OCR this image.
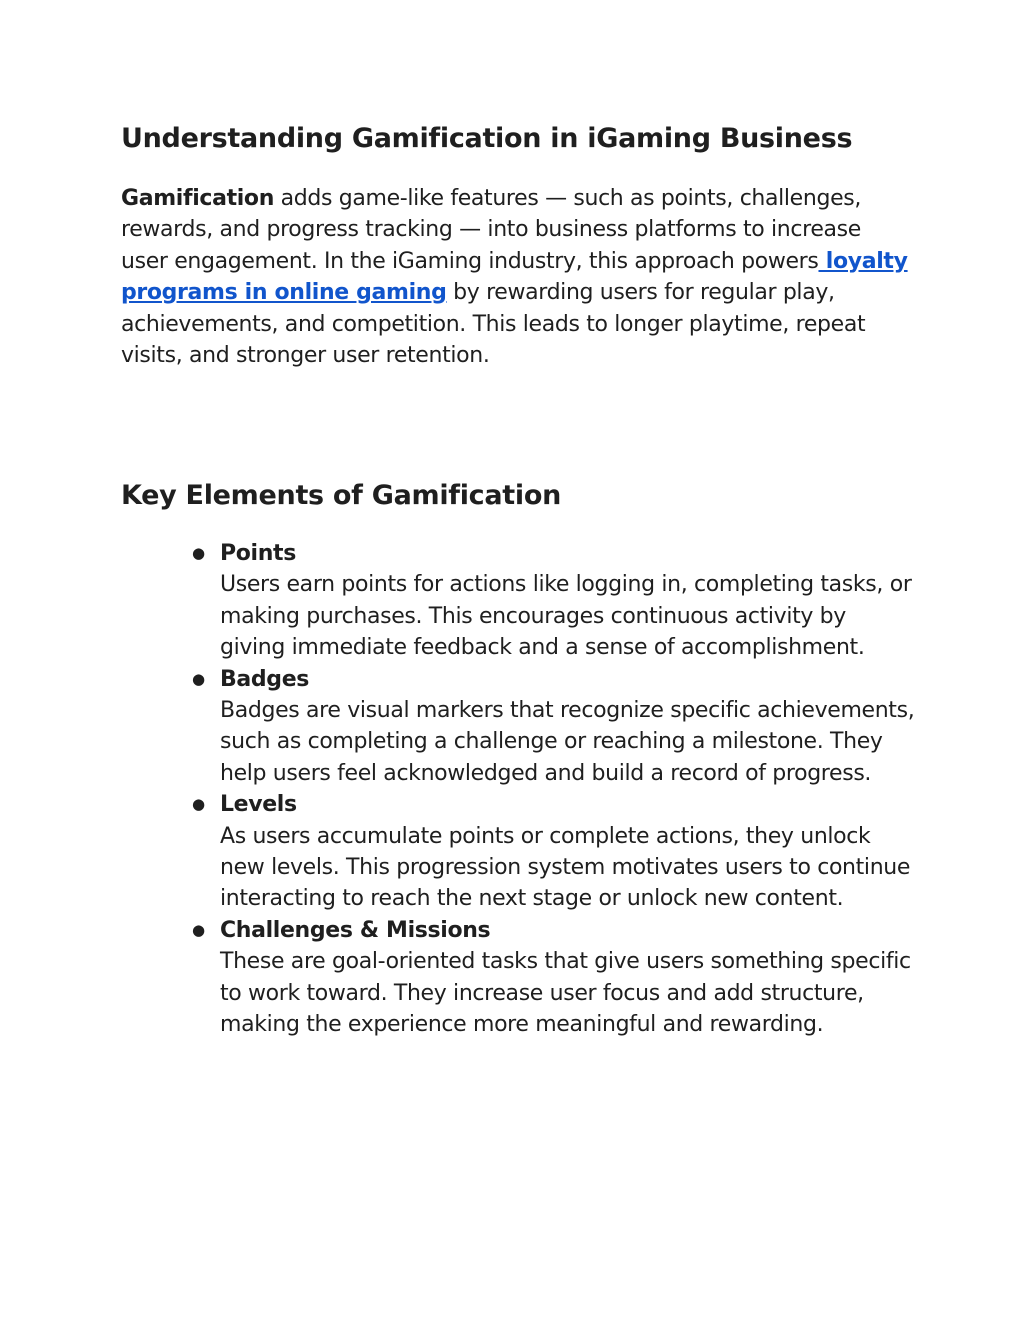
Understanding Gamification in iGaming Business

Gamification adds game-like features — such as points, challenges, rewards, and progress tracking — into business platforms to increase user engagement. In the iGaming industry, this approach powers loyalty programs in online gaming by rewarding users for regular play, achievements, and competition. This leads to longer playtime, repeat visits, and stronger user retention.

Key Elements of Gamification
● Points
Users earn points for actions like logging in, completing tasks, or making purchases. This encourages continuous activity by giving immediate feedback and a sense of accomplishment.
● Badges
Badges are visual markers that recognize specific achievements, such as completing a challenge or reaching a milestone. They help users feel acknowledged and build a record of progress.
● Levels
As users accumulate points or complete actions, they unlock new levels. This progression system motivates users to continue interacting to reach the next stage or unlock new content.
● Challenges & Missions
These are goal-oriented tasks that give users something specific to work toward. They increase user focus and add structure, making the experience more meaningful and rewarding.
